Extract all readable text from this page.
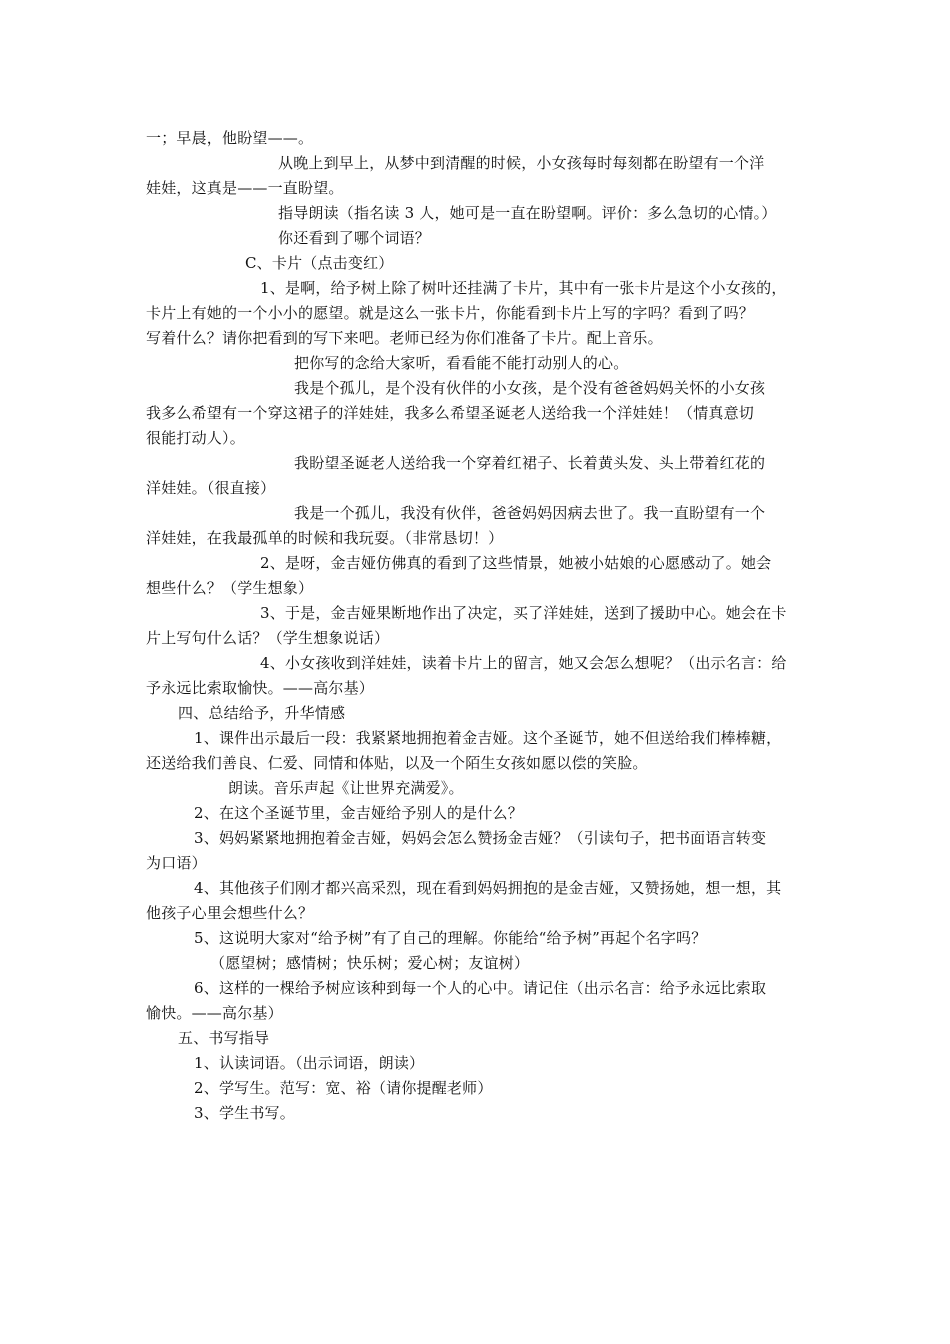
一；早晨，他盼望——。
从晚上到早上，从梦中到清醒的时候，小女孩每时每刻都在盼望有一个洋
娃娃，这真是——一直盼望。
指导朗读（指名读 3 人，她可是一直在盼望啊。评价：多么急切的心情。）
你还看到了哪个词语？
C、卡片（点击变红）
1、是啊，给予树上除了树叶还挂满了卡片，其中有一张卡片是这个小女孩的，
卡片上有她的一个小小的愿望。就是这么一张卡片，你能看到卡片上写的字吗？看到了吗？
写着什么？请你把看到的写下来吧。老师已经为你们准备了卡片。配上音乐。
把你写的念给大家听，看看能不能打动别人的心。
我是个孤儿，是个没有伙伴的小女孩，是个没有爸爸妈妈关怀的小女孩
我多么希望有一个穿这裙子的洋娃娃，我多么希望圣诞老人送给我一个洋娃娃！（情真意切
很能打动人）。
我盼望圣诞老人送给我一个穿着红裙子、长着黄头发、头上带着红花的
洋娃娃。（很直接）
我是一个孤儿，我没有伙伴，爸爸妈妈因病去世了。我一直盼望有一个
洋娃娃，在我最孤单的时候和我玩耍。（非常恳切！）
2、是呀，金吉娅仿佛真的看到了这些情景，她被小姑娘的心愿感动了。她会
想些什么？（学生想象）
3、于是，金吉娅果断地作出了决定，买了洋娃娃，送到了援助中心。她会在卡
片上写句什么话？（学生想象说话）
4、小女孩收到洋娃娃，读着卡片上的留言，她又会怎么想呢？（出示名言：给
予永远比索取愉快。——高尔基）
四、总结给予，升华情感
1、课件出示最后一段：我紧紧地拥抱着金吉娅。这个圣诞节，她不但送给我们棒棒糖，
还送给我们善良、仁爱、同情和体贴，以及一个陌生女孩如愿以偿的笑脸。
朗读。音乐声起《让世界充满爱》。
2、在这个圣诞节里，金吉娅给予别人的是什么？
3、妈妈紧紧地拥抱着金吉娅，妈妈会怎么赞扬金吉娅？（引读句子，把书面语言转变
为口语）
4、其他孩子们刚才都兴高采烈，现在看到妈妈拥抱的是金吉娅，又赞扬她，想一想，其
他孩子心里会想些什么？
5、这说明大家对“给予树”有了自己的理解。你能给“给予树”再起个名字吗？
（愿望树；感情树；快乐树；爱心树；友谊树）
6、这样的一棵给予树应该种到每一个人的心中。请记住（出示名言：给予永远比索取
愉快。——高尔基）
五、书写指导
1、认读词语。（出示词语，朗读）
2、学写生。范写：宽、裕（请你提醒老师）
3、学生书写。
